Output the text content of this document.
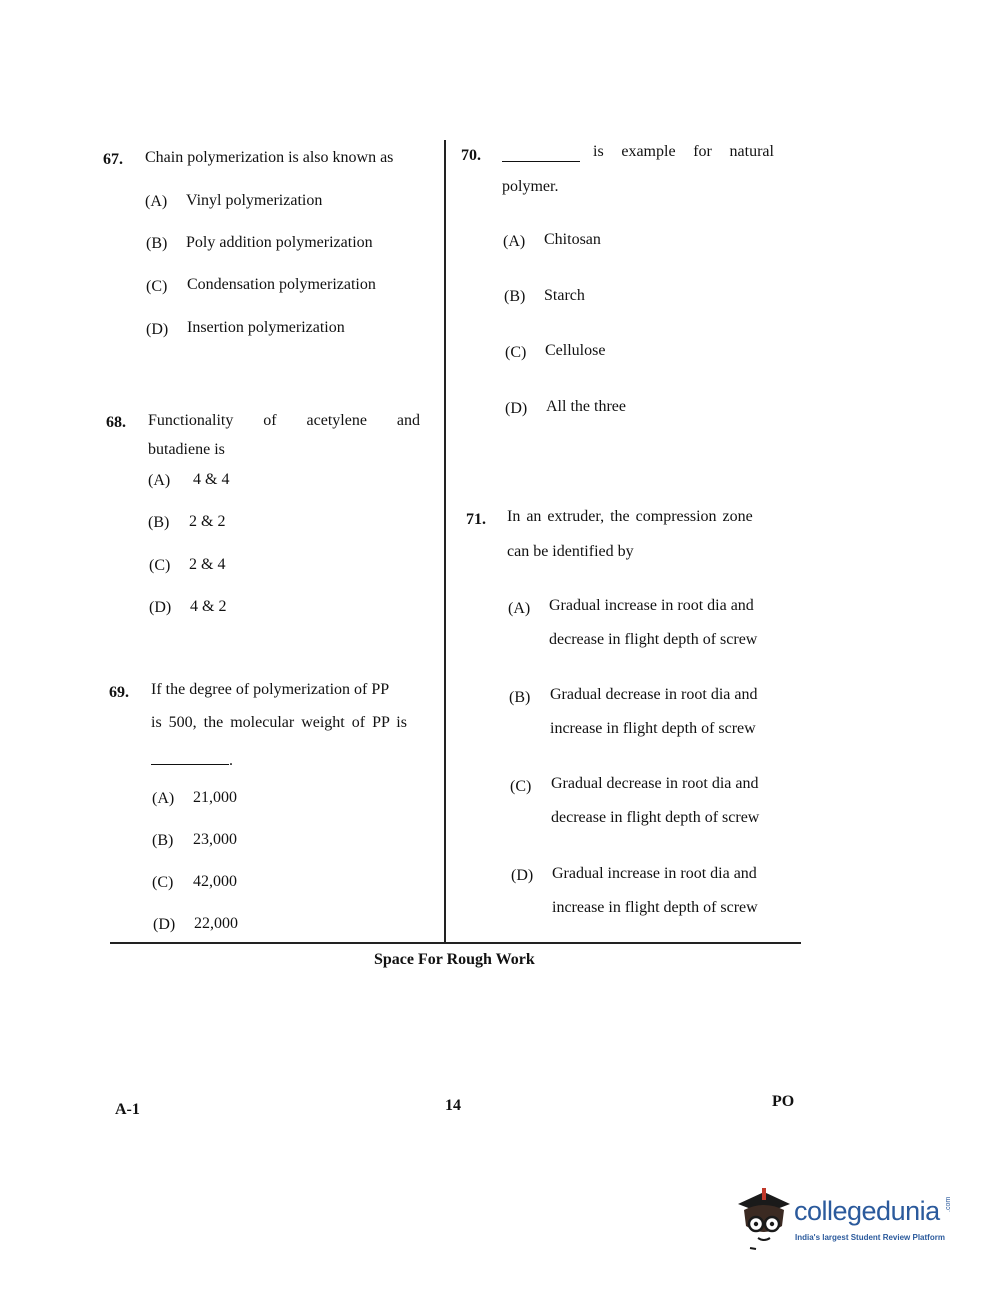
67. Chain polymerization is also known as
(A) Vinyl polymerization
(B) Poly addition polymerization
(C) Condensation polymerization
(D) Insertion polymerization
68. Functionality of acetylene and
butadiene is
(A) 4 & 4
(B) 2 & 2
(C) 2 & 4
(D) 4 & 2
69. If the degree of polymerization of PP
is 500, the molecular weight of PP is
.
(A) 21,000
(B) 23,000
(C) 42,000
(D) 22,000
70.	is example for natural
polymer.
(A) Chitosan
(B) Starch
(C) Cellulose
(D) All the three
71. In an extruder, the compression zone
can be identified by
(A) Gradual increase in root dia and
decrease in flight depth of screw
(B) Gradual decrease in root dia and
increase in flight depth of screw
(C) Gradual decrease in root dia and
decrease in flight depth of screw
(D) Gradual increase in root dia and
increase in flight depth of screw
Space For Rough Work
A-1	14	PO
collegedunia .com
India's largest Student Review Platform
